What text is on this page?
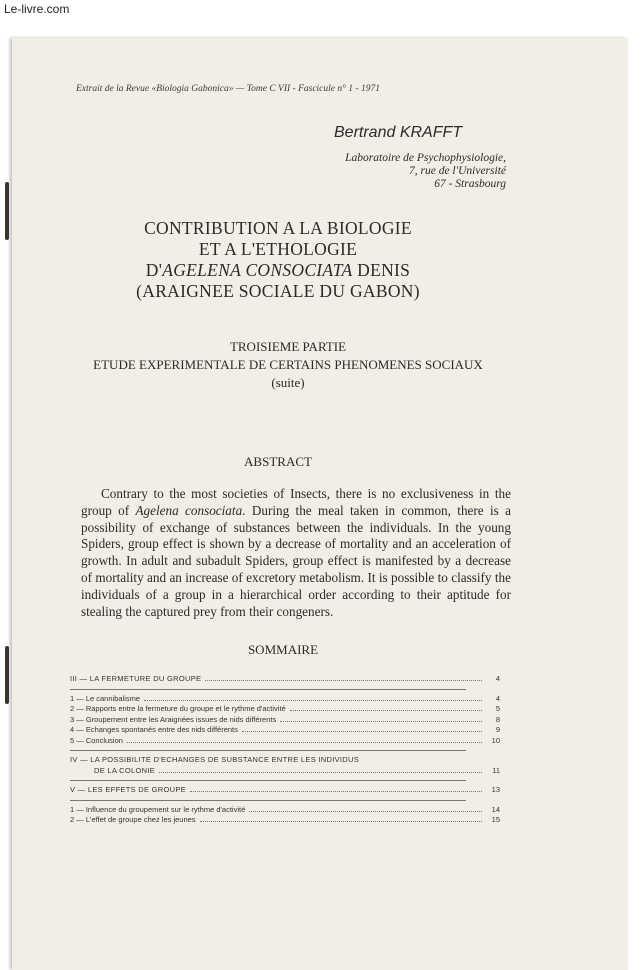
Le-livre.com
Extrait de la Revue «Biologia Gabonica» — Tome C VII - Fascicule n° 1 - 1971
Bertrand KRAFFT
Laboratoire de Psychophysiologie,
7, rue de l'Université
67 - Strasbourg
CONTRIBUTION A LA BIOLOGIE
ET A L'ETHOLOGIE
D'AGELENA CONSOCIATA DENIS
(ARAIGNEE SOCIALE DU GABON)
TROISIEME PARTIE
ETUDE EXPERIMENTALE DE CERTAINS PHENOMENES SOCIAUX
(suite)
ABSTRACT
Contrary to the most societies of Insects, there is no exclusiveness in the group of Agelena consociata. During the meal taken in common, there is a possibility of exchange of substances between the individuals. In the young Spiders, group effect is shown by a decrease of mortality and an acceleration of growth. In adult and subadult Spiders, group effect is manifested by a decrease of mortality and an increase of excretory metabolism. It is possible to classify the individuals of a group in a hierarchical order according to their aptitude for stealing the captured prey from their congeners.
SOMMAIRE
III — LA FERMETURE DU GROUPE	4
1 — Le cannibalisme	4
2 — Rapports entre la fermeture du groupe et le rythme d'activité	5
3 — Groupement entre les Araignées issues de nids différents	8
4 — Echanges spontanés entre des nids différents	9
5 — Conclusion	10
IV — LA POSSIBILITE D'ECHANGES DE SUBSTANCE ENTRE LES INDIVIDUS
DE LA COLONIE	11
V — LES EFFETS DE GROUPE	13
1 — Influence du groupement sur le rythme d'activité	14
2 — L'effet de groupe chez les jeunes	15
